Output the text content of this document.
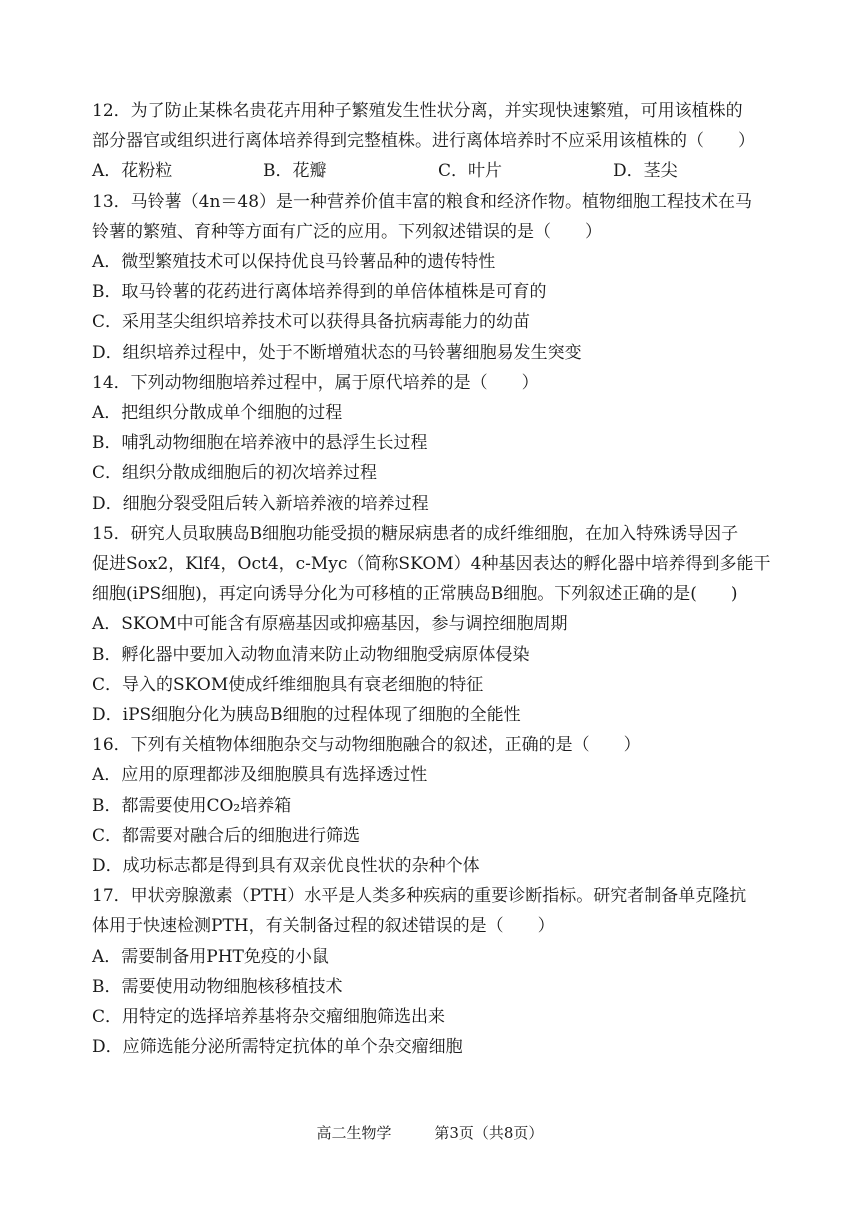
12．为了防止某株名贵花卉用种子繁殖发生性状分离，并实现快速繁殖，可用该植株的
部分器官或组织进行离体培养得到完整植株。进行离体培养时不应采用该植株的（　　）
A．花粉粒	B．花瓣	C．叶片	D．茎尖
13．马铃薯（4n＝48）是一种营养价值丰富的粮食和经济作物。植物细胞工程技术在马
铃薯的繁殖、育种等方面有广泛的应用。下列叙述错误的是（　　）
A．微型繁殖技术可以保持优良马铃薯品种的遗传特性
B．取马铃薯的花药进行离体培养得到的单倍体植株是可育的
C．采用茎尖组织培养技术可以获得具备抗病毒能力的幼苗
D．组织培养过程中，处于不断增殖状态的马铃薯细胞易发生突变
14．下列动物细胞培养过程中，属于原代培养的是（　　）
A．把组织分散成单个细胞的过程
B．哺乳动物细胞在培养液中的悬浮生长过程
C．组织分散成细胞后的初次培养过程
D．细胞分裂受阻后转入新培养液的培养过程
15．研究人员取胰岛B细胞功能受损的糖尿病患者的成纤维细胞，在加入特殊诱导因子
促进Sox2，Klf4，Oct4，c-Myc（简称SKOM）4种基因表达的孵化器中培养得到多能干
细胞(iPS细胞)，再定向诱导分化为可移植的正常胰岛B细胞。下列叙述正确的是(　　)
A．SKOM中可能含有原癌基因或抑癌基因，参与调控细胞周期
B．孵化器中要加入动物血清来防止动物细胞受病原体侵染
C．导入的SKOM使成纤维细胞具有衰老细胞的特征
D．iPS细胞分化为胰岛B细胞的过程体现了细胞的全能性
16．下列有关植物体细胞杂交与动物细胞融合的叙述，正确的是（　　）
A．应用的原理都涉及细胞膜具有选择透过性
B．都需要使用CO₂培养箱
C．都需要对融合后的细胞进行筛选
D．成功标志都是得到具有双亲优良性状的杂种个体
17．甲状旁腺激素（PTH）水平是人类多种疾病的重要诊断指标。研究者制备单克隆抗
体用于快速检测PTH，有关制备过程的叙述错误的是（　　）
A．需要制备用PHT免疫的小鼠
B．需要使用动物细胞核移植技术
C．用特定的选择培养基将杂交瘤细胞筛选出来
D．应筛选能分泌所需特定抗体的单个杂交瘤细胞
高二生物学	第3页（共8页）
